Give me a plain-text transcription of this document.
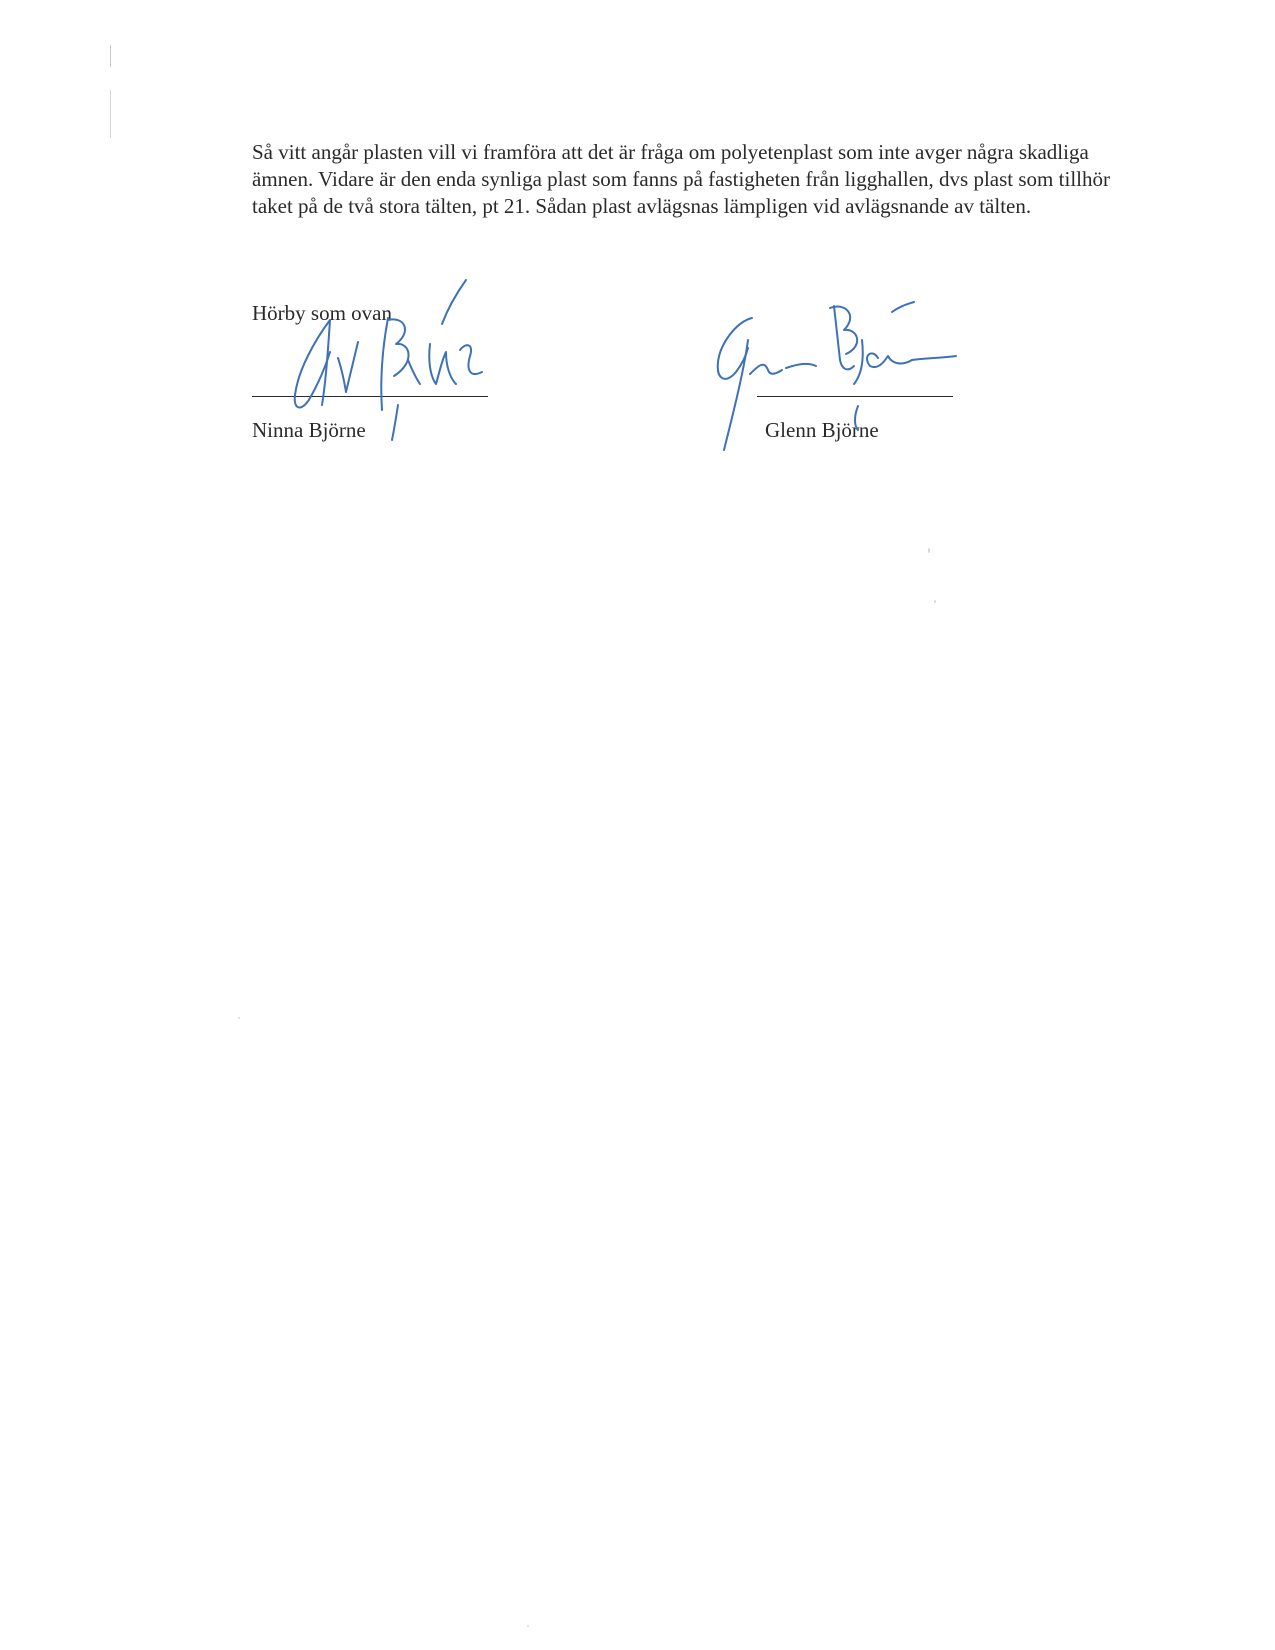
Så vitt angår plasten vill vi framföra att det är fråga om polyetenplast som inte avger några skadliga ämnen. Vidare är den enda synliga plast som fanns på fastigheten från ligghallen, dvs plast som tillhör taket på de två stora tälten, pt 21. Sådan plast avlägsnas lämpligen vid avlägsnande av tälten.

Hörby som ovan
Ninna Björne	Glenn Björne
